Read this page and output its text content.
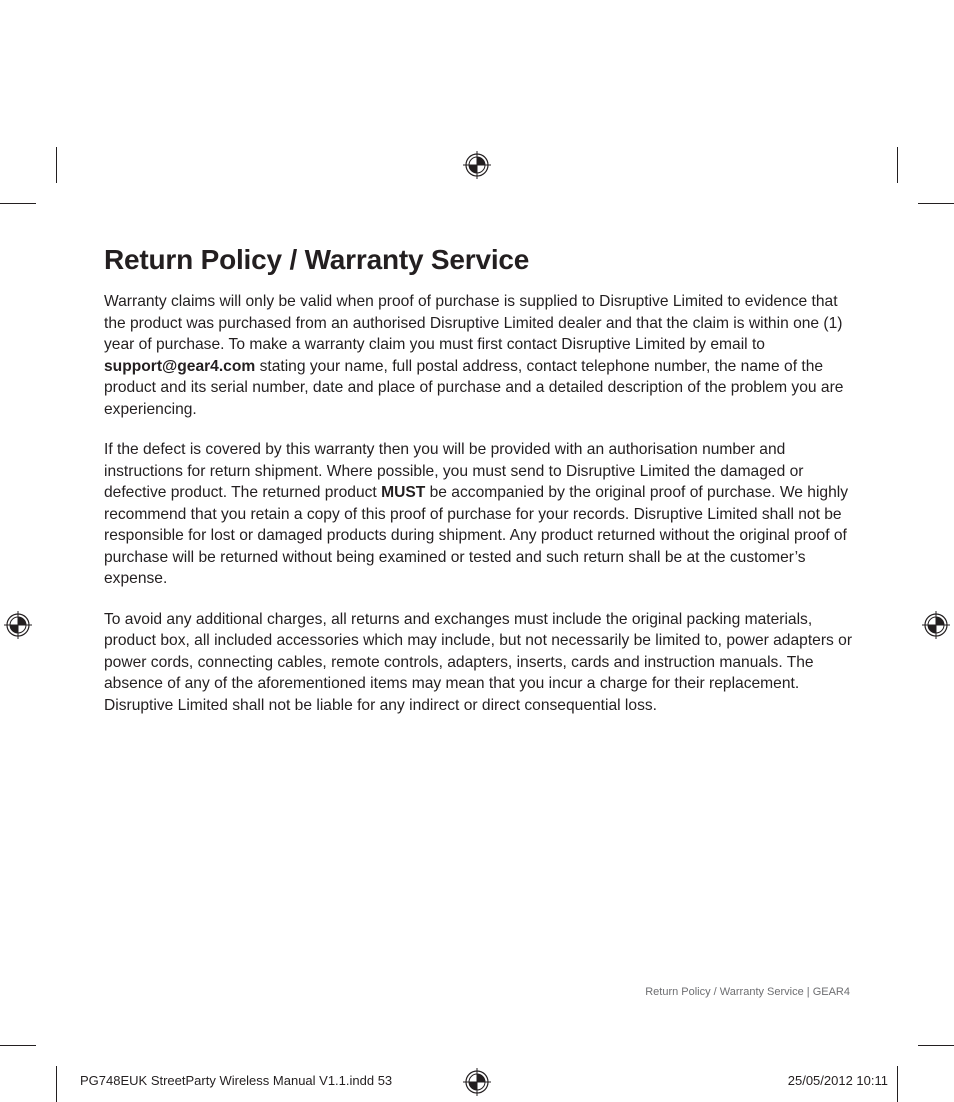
Return Policy / Warranty Service

Warranty claims will only be valid when proof of purchase is supplied to Disruptive Limited to evidence that the product was purchased from an authorised Disruptive Limited dealer and that the claim is within one (1) year of purchase. To make a warranty claim you must first contact Disruptive Limited by email to support@gear4.com stating your name, full postal address, contact telephone number, the name of the product and its serial number, date and place of purchase and a detailed description of the problem you are experiencing.

If the defect is covered by this warranty then you will be provided with an authorisation number and instructions for return shipment. Where possible, you must send to Disruptive Limited the damaged or defective product. The returned product MUST be accompanied by the original proof of purchase. We highly recommend that you retain a copy of this proof of purchase for your records. Disruptive Limited shall not be responsible for lost or damaged products during shipment. Any product returned without the original proof of purchase will be returned without being examined or tested and such return shall be at the customer’s expense.

To avoid any additional charges, all returns and exchanges must include the original packing materials, product box, all included accessories which may include, but not necessarily be limited to, power adapters or power cords, connecting cables, remote controls, adapters, inserts, cards and instruction manuals. The absence of any of the aforementioned items may mean that you incur a charge for their replacement. Disruptive Limited shall not be liable for any indirect or direct consequential loss.

Return Policy / Warranty Service | GEAR4
PG748EUK StreetParty Wireless Manual V1.1.indd 53	25/05/2012 10:11
